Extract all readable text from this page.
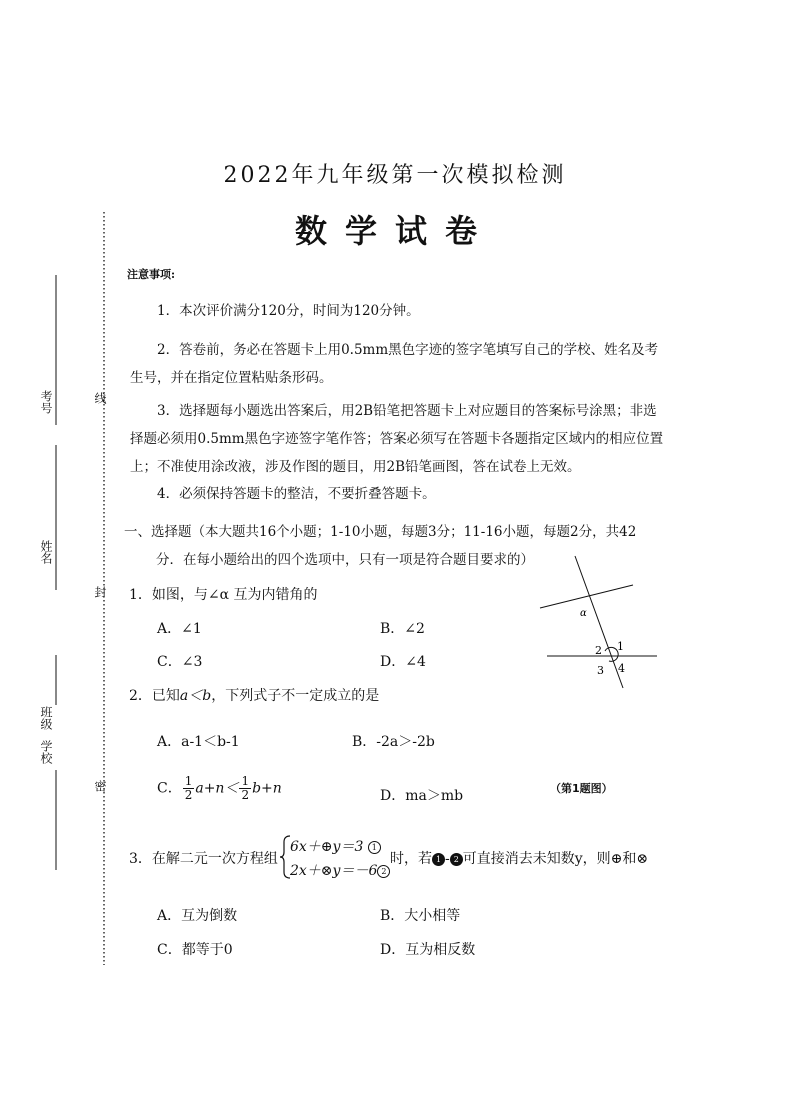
考号
姓名
班级
学校
线
封
密
2022年九年级第一次模拟检测
数学试卷
注意事项:
1．本次评价满分120分，时间为120分钟。
2．答卷前，务必在答题卡上用0.5mm黑色字迹的签字笔填写自己的学校、姓名及考生号，并在指定位置粘贴条形码。
3．选择题每小题选出答案后，用2B铅笔把答题卡上对应题目的答案标号涂黑；非选择题必须用0.5mm黑色字迹签字笔作答；答案必须写在答题卡各题指定区域内的相应位置上；不准使用涂改液，涉及作图的题目，用2B铅笔画图，答在试卷上无效。
4．必须保持答题卡的整洁，不要折叠答题卡。
一、选择题（本大题共16个小题；1-10小题，每题3分；11-16小题，每题2分，共42
分．在每小题给出的四个选项中，只有一项是符合题目要求的）
1．如图，与∠α 互为内错角的
A．∠1	B．∠2
C．∠3	D．∠4
α
1
2
3 4
2．已知a＜b，下列式子不一定成立的是
A．a-1＜b-1	B．-2a＞-2b
C． $\frac{1}{2} a+n< \frac{1}{2} b+n$	D．ma＞mb	（第1题图）
3．在解二元一次方程组
6x＋⊕y＝3 1
2x＋⊗y＝－6 2
时，若 1 - 2 可直接消去未知数y，则⊕和⊗
A．互为倒数	B．大小相等
C．都等于0	D．互为相反数
